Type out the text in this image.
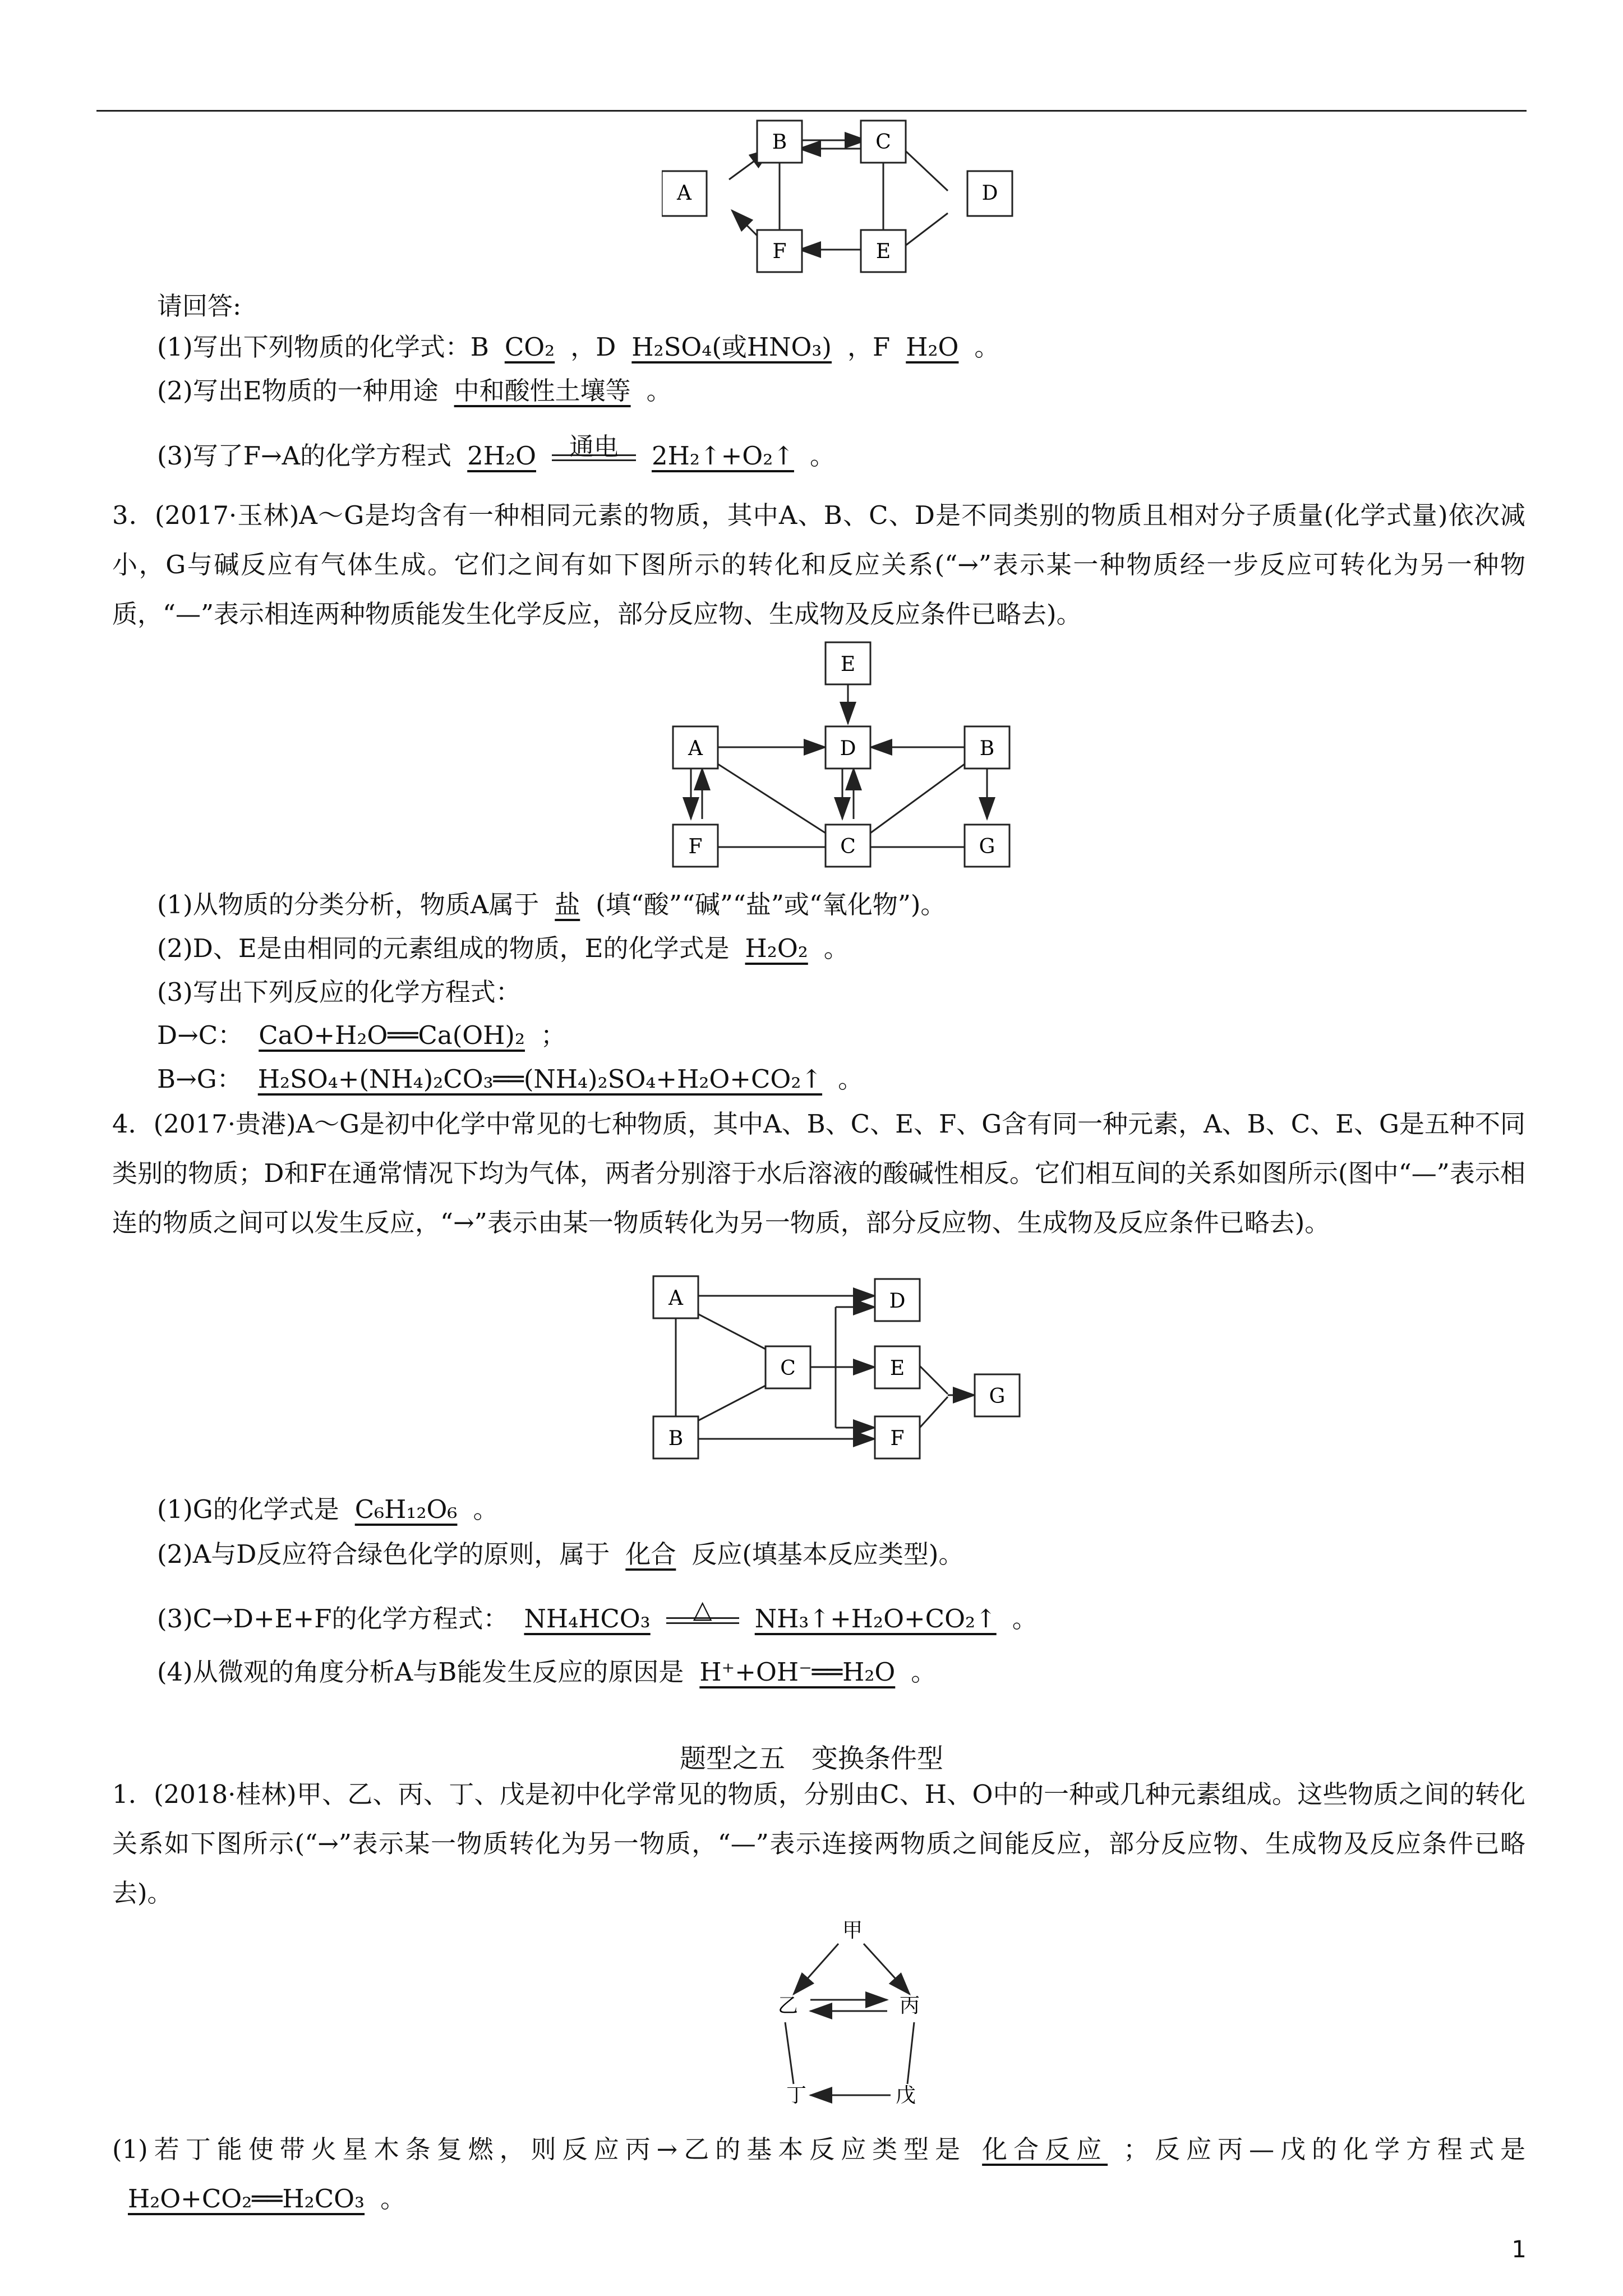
A
B	C
D
E
F
请回答:
(1)写出下列物质的化学式：B CO₂ ，D H₂SO₄(或HNO₃) ，F H₂O 。
(2)写出E物质的一种用途 中和酸性土壤等 。
(3)写了F→A的化学方程式 2H₂O	通电	2H₂↑+O₂↑ 。
3．(2017·玉林)A～G是均含有一种相同元素的物质，其中A、B、C、D是不同类别的物质且相对分子质量(化学式量)依次减小，G与碱反应有气体生成。它们之间有如下图所示的转化和反应关系(“→”表示某一种物质经一步反应可转化为另一种物质，“—”表示相连两种物质能发生化学反应，部分反应物、生成物及反应条件已略去)。
E
A	D	B
F	C	G
(1)从物质的分类分析，物质A属于 盐 (填“酸”“碱”“盐”或“氧化物”)。
(2)D、E是由相同的元素组成的物质，E的化学式是 H₂O₂ 。
(3)写出下列反应的化学方程式：
D→C： CaO+H₂O══Ca(OH)₂ ；
B→G： H₂SO₄+(NH₄)₂CO₃══(NH₄)₂SO₄+H₂O+CO₂↑ 。
4．(2017·贵港)A～G是初中化学中常见的七种物质，其中A、B、C、E、F、G含有同一种元素，A、B、C、E、G是五种不同类别的物质；D和F在通常情况下均为气体，两者分别溶于水后溶液的酸碱性相反。它们相互间的关系如图所示(图中“—”表示相连的物质之间可以发生反应，“→”表示由某一物质转化为另一物质，部分反应物、生成物及反应条件已略去)。
A	D
C	E
G
B	F
(1)G的化学式是 C₆H₁₂O₆ 。
(2)A与D反应符合绿色化学的原则，属于 化合 反应(填基本反应类型)。
(3)C→D+E+F的化学方程式： NH₄HCO₃	△	NH₃↑+H₂O+CO₂↑ 。
(4)从微观的角度分析A与B能发生反应的原因是 H⁺+OH⁻══H₂O 。
题型之五　变换条件型
1．(2018·桂林)甲、乙、丙、丁、戊是初中化学常见的物质，分别由C、H、O中的一种或几种元素组成。这些物质之间的转化关系如下图所示(“→”表示某一物质转化为另一物质，“—”表示连接两物质之间能反应，部分反应物、生成物及反应条件已略去)。
甲
乙	丙
丁	戊
(1)若丁能使带火星木条复燃，则反应丙→乙的基本反应类型是 化合反应 ；反应丙—戊的化学方程式是H₂O+CO₂══H₂CO₃ 。
1
